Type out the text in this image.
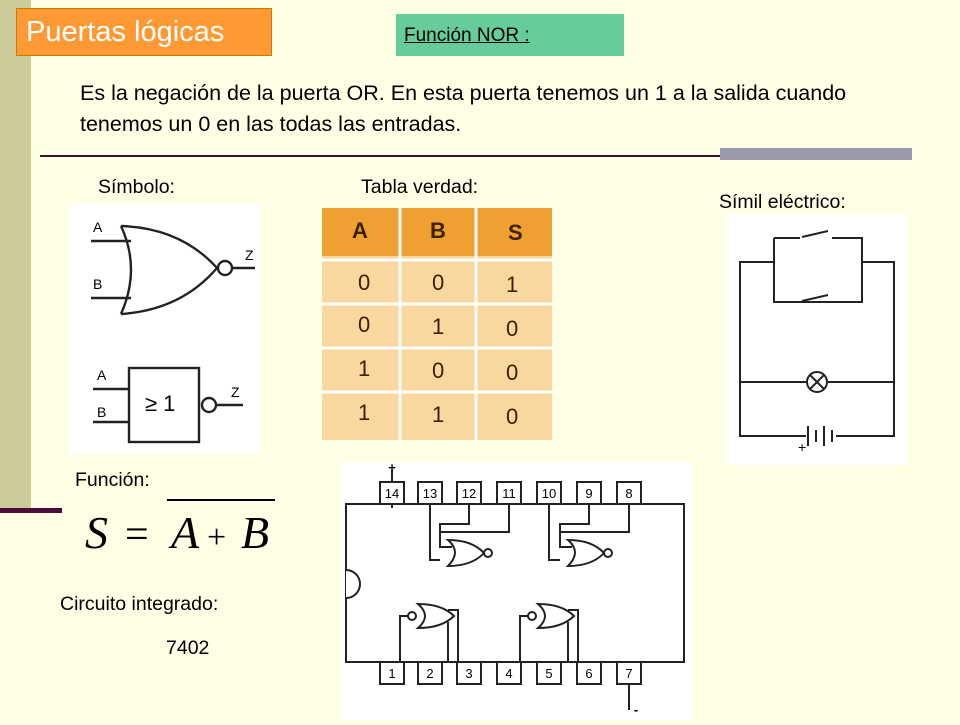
Puertas lógicas	Función NOR :
Es la negación de la puerta OR. En esta puerta tenemos un 1 a la salida cuando tenemos un 0 en las todas las entradas.
Símbolo:	Tabla verdad:
Símil eléctrico:
Función:
Circuito integrado:
7402
A
B
Z
A
B
Z
≥ 1
A	B	S
0	0	1
0	1	0
1	0	0
1	1	0
+
S = A + B
14 13 12 11 10 9	8
1 2 3	4	5	6	7
+
-
